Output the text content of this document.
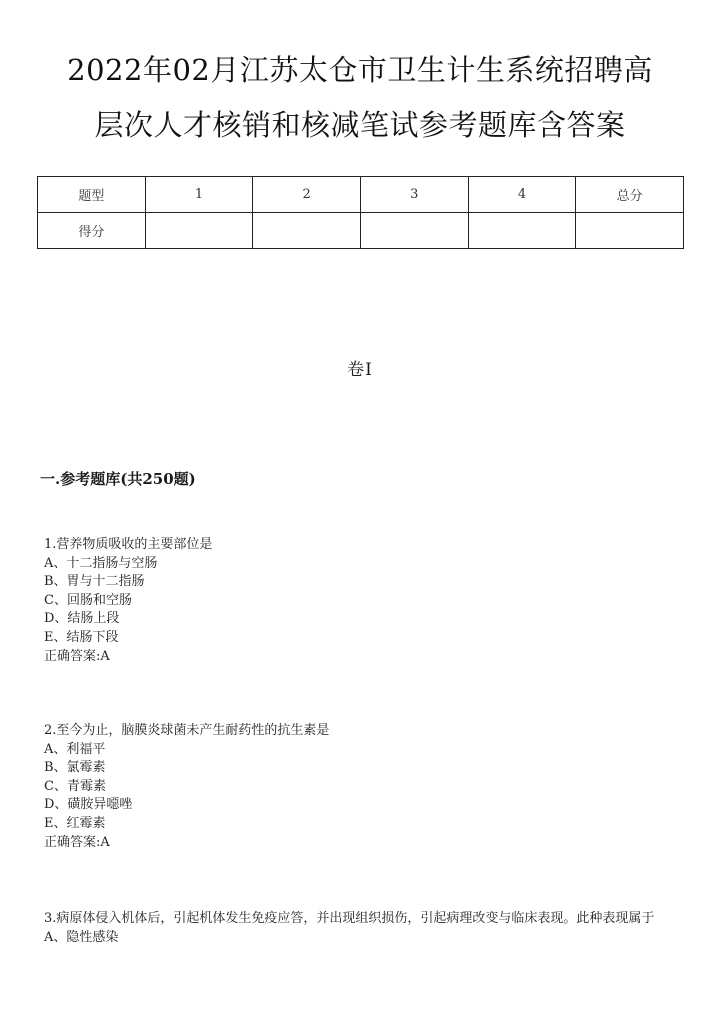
2022年02月江苏太仓市卫生计生系统招聘高
层次人才核销和核减笔试参考题库含答案
题型	1	2	3	4	总分
得分					
卷I
一.参考题库(共250题)
1.营养物质吸收的主要部位是
A、十二指肠与空肠
B、胃与十二指肠
C、回肠和空肠
D、结肠上段
E、结肠下段
正确答案:A
2.至今为止，脑膜炎球菌未产生耐药性的抗生素是
A、利福平
B、氯霉素
C、青霉素
D、磺胺异噁唑
E、红霉素
正确答案:A
3.病原体侵入机体后，引起机体发生免疫应答，并出现组织损伤，引起病理改变与临床表现。此种表现属于
A、隐性感染
